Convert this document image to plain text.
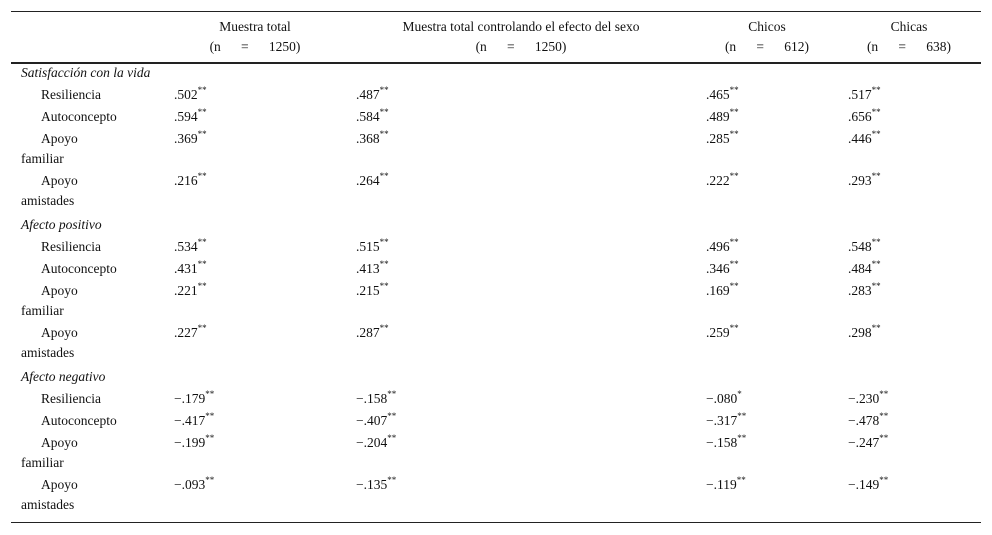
Muestra total
(n      =      1250)
Muestra total controlando el efecto del sexo
(n      =      1250)
Chicos
(n      =      612)
Chicas
(n      =      638)
Satisfacción con la vida
Resiliencia	.502**	.487**	.465**	.517**
Autoconcepto	.594**	.584**	.489**	.656**
Apoyo
familiar
.369**	.368**	.285**	.446**
Apoyo
amistades
.216**	.264**	.222**	.293**
Afecto positivo
Resiliencia	.534**	.515**	.496**	.548**
Autoconcepto	.431**	.413**	.346**	.484**
Apoyo
familiar
.221**	.215**	.169**	.283**
Apoyo
amistades
.227**	.287**	.259**	.298**
Afecto negativo
Resiliencia	−.179**	−.158**	−.080*	−.230**
Autoconcepto	−.417**	−.407**	−.317**	−.478**
Apoyo
familiar
−.199**	−.204**	−.158**	−.247**
Apoyo
amistades
−.093**	−.135**	−.119**	−.149**
